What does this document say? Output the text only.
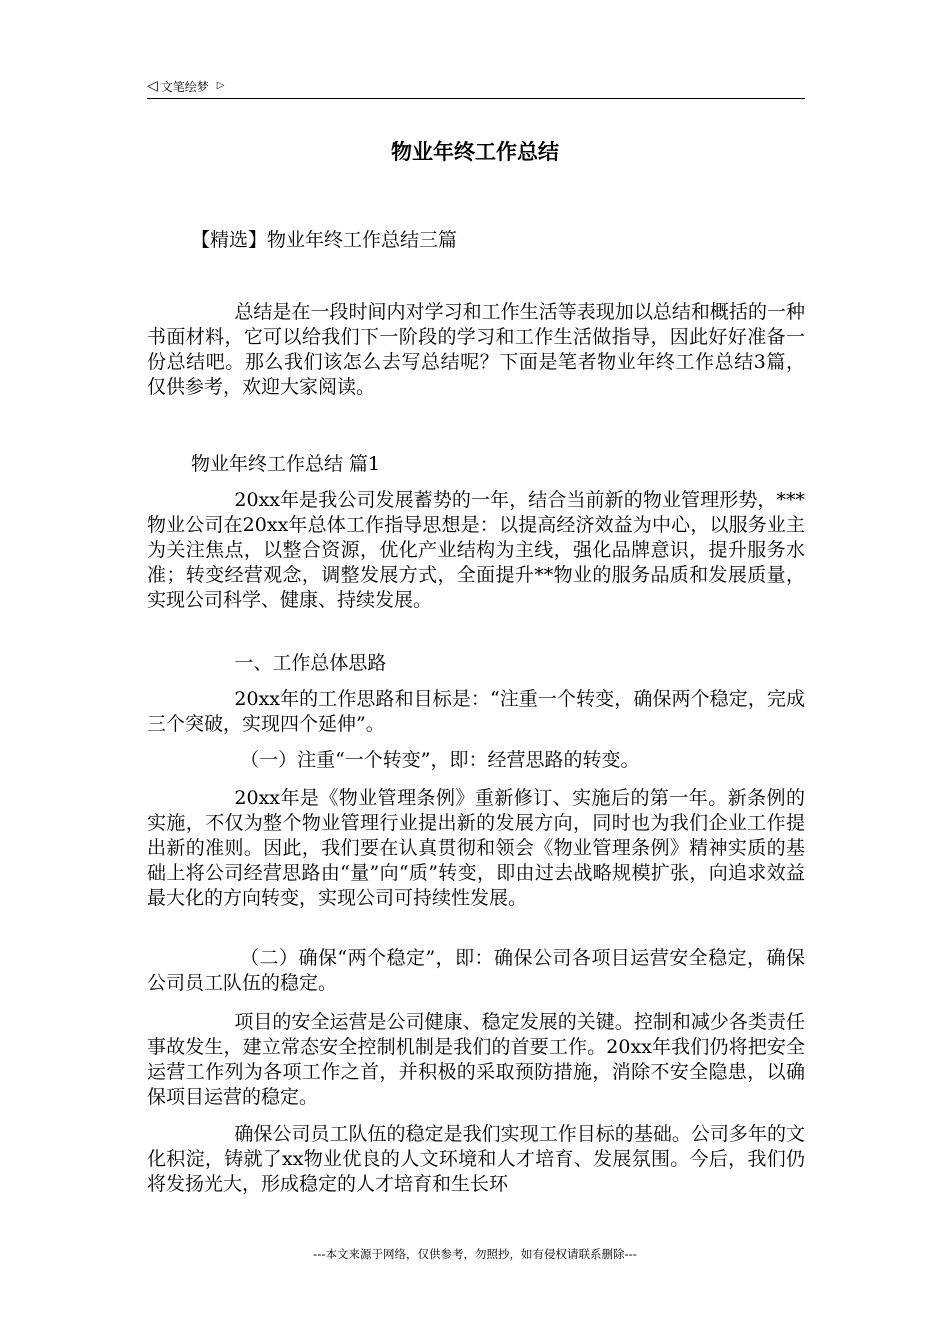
◁ 文笔绘梦 ▷
物业年终工作总结

【精选】物业年终工作总结三篇

总结是在一段时间内对学习和工作生活等表现加以总结和概括的一种书面材料，它可以给我们下一阶段的学习和工作生活做指导，因此好好准备一份总结吧。那么我们该怎么去写总结呢？下面是笔者物业年终工作总结3篇，仅供参考，欢迎大家阅读。

物业年终工作总结 篇1

20xx年是我公司发展蓄势的一年，结合当前新的物业管理形势，***物业公司在20xx年总体工作指导思想是：以提高经济效益为中心，以服务业主为关注焦点，以整合资源，优化产业结构为主线，强化品牌意识，提升服务水准；转变经营观念，调整发展方式，全面提升**物业的服务品质和发展质量，实现公司科学、健康、持续发展。

一、工作总体思路

20xx年的工作思路和目标是：“注重一个转变，确保两个稳定，完成三个突破，实现四个延伸”。

（一）注重“一个转变”，即：经营思路的转变。

20xx年是《物业管理条例》重新修订、实施后的第一年。新条例的实施，不仅为整个物业管理行业提出新的发展方向，同时也为我们企业工作提出新的准则。因此，我们要在认真贯彻和领会《物业管理条例》精神实质的基础上将公司经营思路由“量”向“质”转变，即由过去战略规模扩张，向追求效益最大化的方向转变，实现公司可持续性发展。

（二）确保“两个稳定”，即：确保公司各项目运营安全稳定，确保公司员工队伍的稳定。

项目的安全运营是公司健康、稳定发展的关键。控制和减少各类责任事故发生，建立常态安全控制机制是我们的首要工作。20xx年我们仍将把安全运营工作列为各项工作之首，并积极的采取预防措施，消除不安全隐患，以确保项目运营的稳定。

确保公司员工队伍的稳定是我们实现工作目标的基础。公司多年的文化积淀，铸就了xx物业优良的人文环境和人才培育、发展氛围。今后，我们仍将发扬光大，形成稳定的人才培育和生长环

---本文来源于网络，仅供参考，勿照抄，如有侵权请联系删除---
